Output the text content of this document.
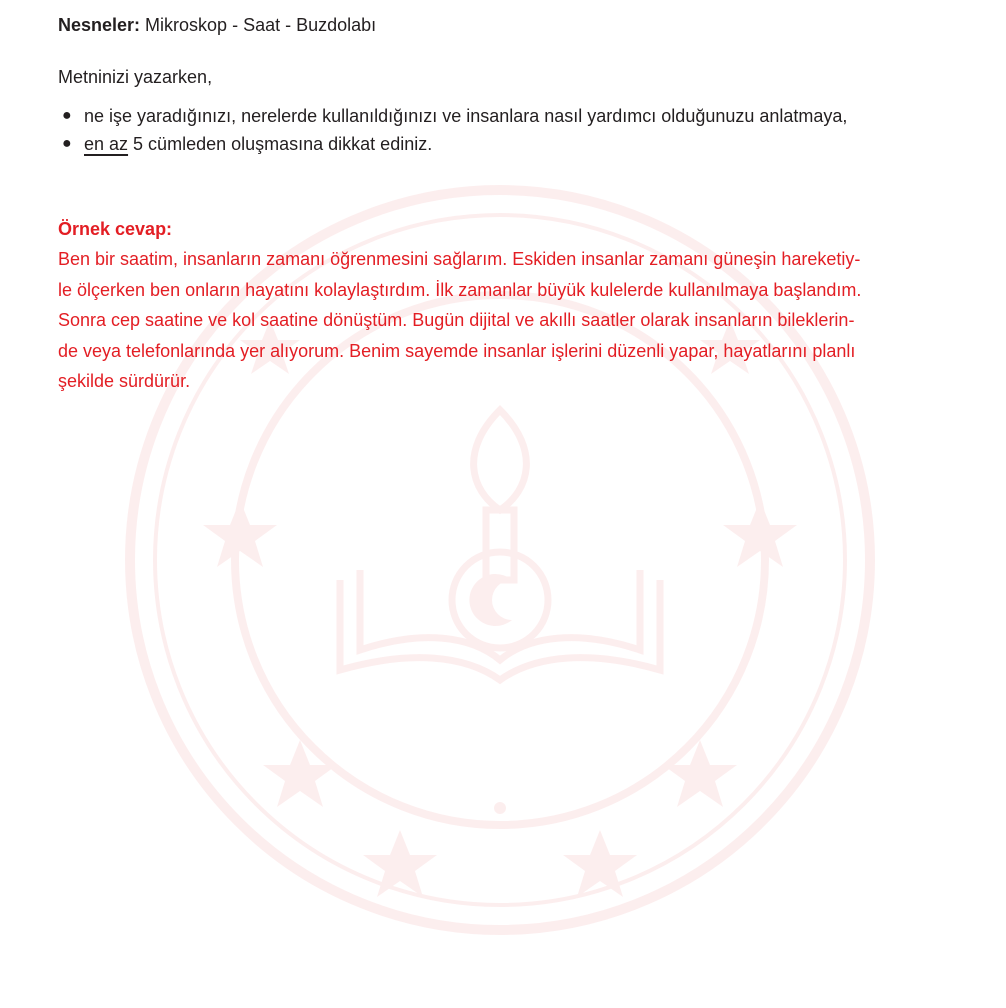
Nesneler: Mikroskop - Saat - Buzdolabı
Metninizi yazarken,
● ne işe yaradığınızı, nerelerde kullanıldığınızı ve insanlara nasıl yardımcı olduğunuzu anlatmaya,
● en az 5 cümleden oluşmasına dikkat ediniz.
Örnek cevap:
Ben bir saatim, insanların zamanı öğrenmesini sağlarım. Eskiden insanlar zamanı güneşin hareketiy-
le ölçerken ben onların hayatını kolaylaştırdım. İlk zamanlar büyük kulelerde kullanılmaya başlandım.
Sonra cep saatine ve kol saatine dönüştüm. Bugün dijital ve akıllı saatler olarak insanların bileklerin-
de veya telefonlarında yer alıyorum. Benim sayemde insanlar işlerini düzenli yapar, hayatlarını planlı
şekilde sürdürür.
